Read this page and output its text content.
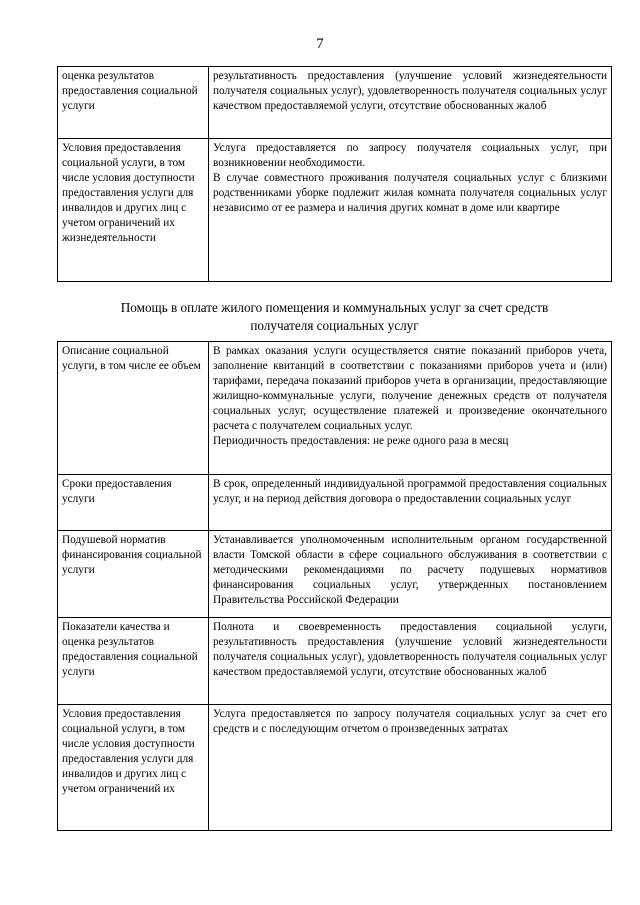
7
оценка результатов предоставления социальной услуги	результативность предоставления (улучшение условий жизнедеятельности получателя социальных услуг), удовлетворенность получателя социальных услуг качеством предоставляемой услуги, отсутствие обоснованных жалоб

Условия предоставления социальной услуги, в том числе условия доступности предоставления услуги для инвалидов и других лиц с учетом ограничений их жизнедеятельности	Услуга предоставляется по запросу получателя социальных услуг, при возникновении необходимости.
В случае совместного проживания получателя социальных услуг с близкими родственниками уборке подлежит жилая комната получателя социальных услуг независимо от ее размера и наличия других комнат в доме или квартире
Помощь в оплате жилого помещения и коммунальных услуг за счет средств
получателя социальных услуг
Описание социальной услуги, в том числе ее объем	В рамках оказания услуги осуществляется снятие показаний приборов учета, заполнение квитанций в соответствии с показаниями приборов учета и (или) тарифами, передача показаний приборов учета в организации, предоставляющие жилищно-коммунальные услуги, получение денежных средств от получателя социальных услуг, осуществление платежей и произведение окончательного расчета с получателем социальных услуг.
Периодичность предоставления: не реже одного раза в месяц

Сроки предоставления услуги	В срок, определенный индивидуальной программой предоставления социальных услуг, и на период действия договора о предоставлении социальных услуг

Подушевой норматив финансирования социальной услуги	Устанавливается уполномоченным исполнительным органом государственной власти Томской области в сфере социального обслуживания в соответствии с методическими рекомендациями по расчету подушевых нормативов финансирования социальных услуг, утвержденных постановлением Правительства Российской Федерации

Показатели качества и оценка результатов предоставления социальной услуги	Полнота и своевременность предоставления социальной услуги, результативность предоставления (улучшение условий жизнедеятельности получателя социальных услуг), удовлетворенность получателя социальных услуг качеством предоставляемой услуги, отсутствие обоснованных жалоб

Условия предоставления социальной услуги, в том числе условия доступности предоставления услуги для инвалидов и других лиц с учетом ограничений их	Услуга предоставляется по запросу получателя социальных услуг за счет его средств и с последующим отчетом о произведенных затратах
